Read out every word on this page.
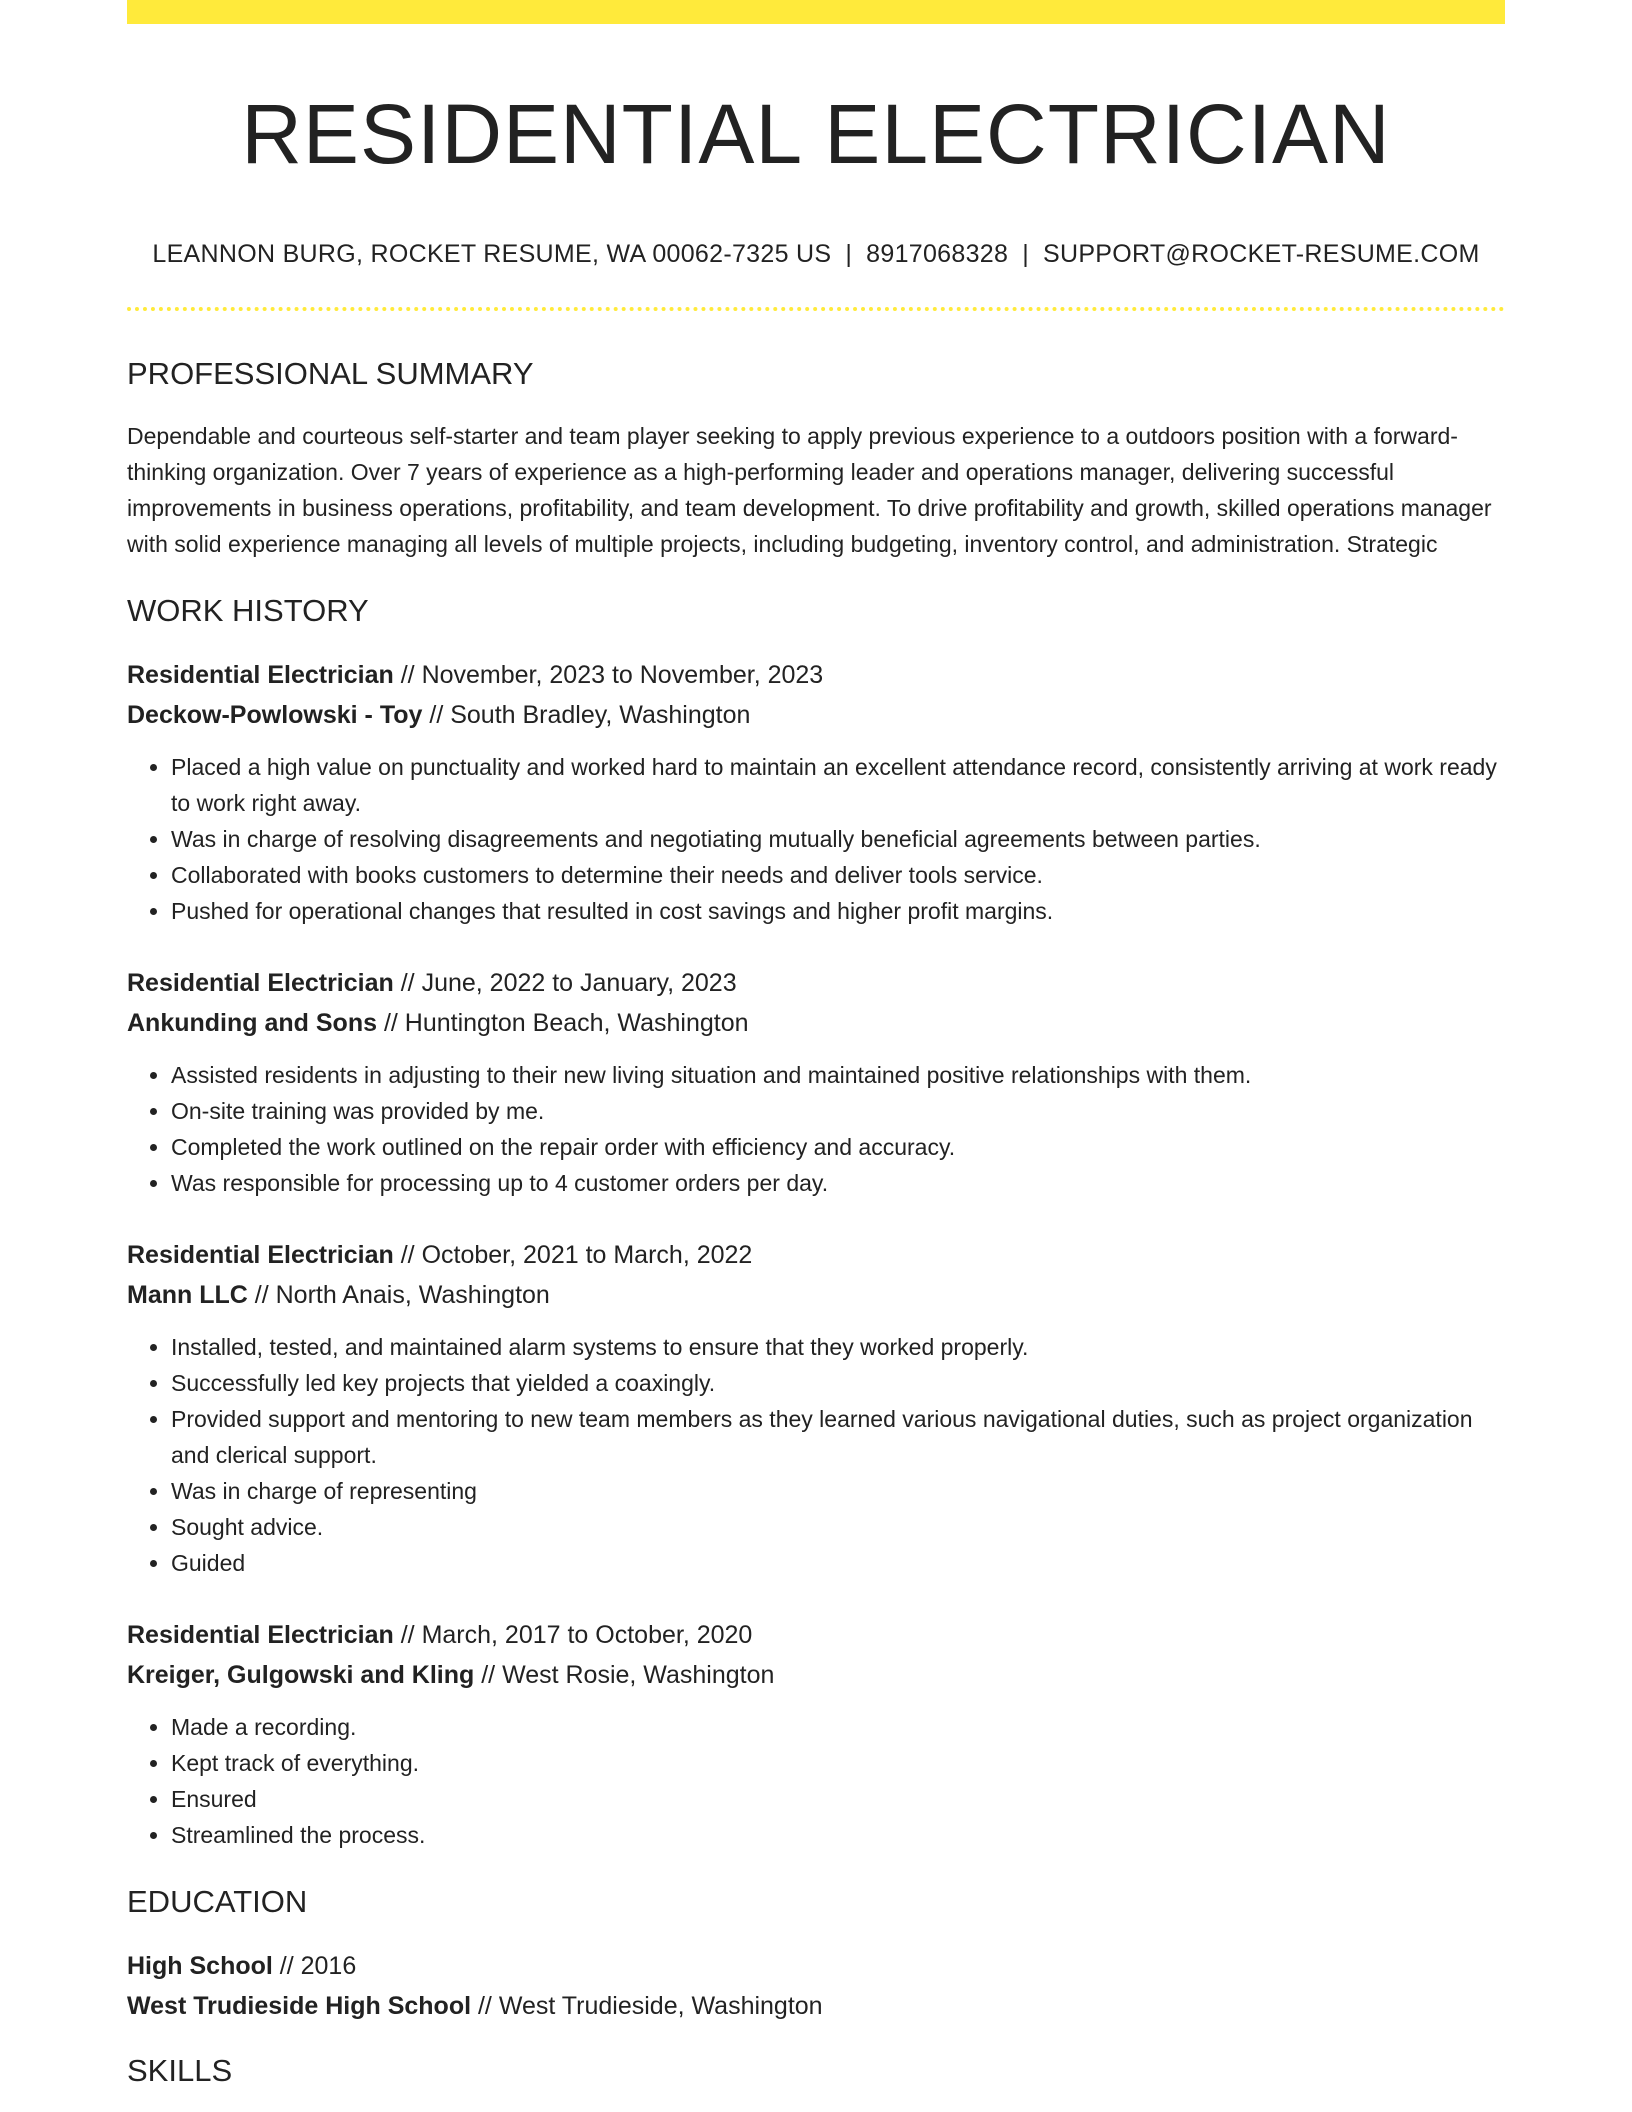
RESIDENTIAL ELECTRICIAN
LEANNON BURG, ROCKET RESUME, WA 00062-7325 US | 8917068328 | SUPPORT@ROCKET-RESUME.COM
PROFESSIONAL SUMMARY
Dependable and courteous self-starter and team player seeking to apply previous experience to a outdoors position with a forward-thinking organization. Over 7 years of experience as a high-performing leader and operations manager, delivering successful improvements in business operations, profitability, and team development. To drive profitability and growth, skilled operations manager with solid experience managing all levels of multiple projects, including budgeting, inventory control, and administration. Strategic
WORK HISTORY
Residential Electrician // November, 2023 to November, 2023
Deckow-Powlowski - Toy // South Bradley, Washington
• Placed a high value on punctuality and worked hard to maintain an excellent attendance record, consistently arriving at work ready to work right away.
• Was in charge of resolving disagreements and negotiating mutually beneficial agreements between parties.
• Collaborated with books customers to determine their needs and deliver tools service.
• Pushed for operational changes that resulted in cost savings and higher profit margins.
Residential Electrician // June, 2022 to January, 2023
Ankunding and Sons // Huntington Beach, Washington
• Assisted residents in adjusting to their new living situation and maintained positive relationships with them.
• On-site training was provided by me.
• Completed the work outlined on the repair order with efficiency and accuracy.
• Was responsible for processing up to 4 customer orders per day.
Residential Electrician // October, 2021 to March, 2022
Mann LLC // North Anais, Washington
• Installed, tested, and maintained alarm systems to ensure that they worked properly.
• Successfully led key projects that yielded a coaxingly.
• Provided support and mentoring to new team members as they learned various navigational duties, such as project organization and clerical support.
• Was in charge of representing
• Sought advice.
• Guided
Residential Electrician // March, 2017 to October, 2020
Kreiger, Gulgowski and Kling // West Rosie, Washington
• Made a recording.
• Kept track of everything.
• Ensured
• Streamlined the process.
EDUCATION
High School // 2016
West Trudieside High School // West Trudieside, Washington
SKILLS
